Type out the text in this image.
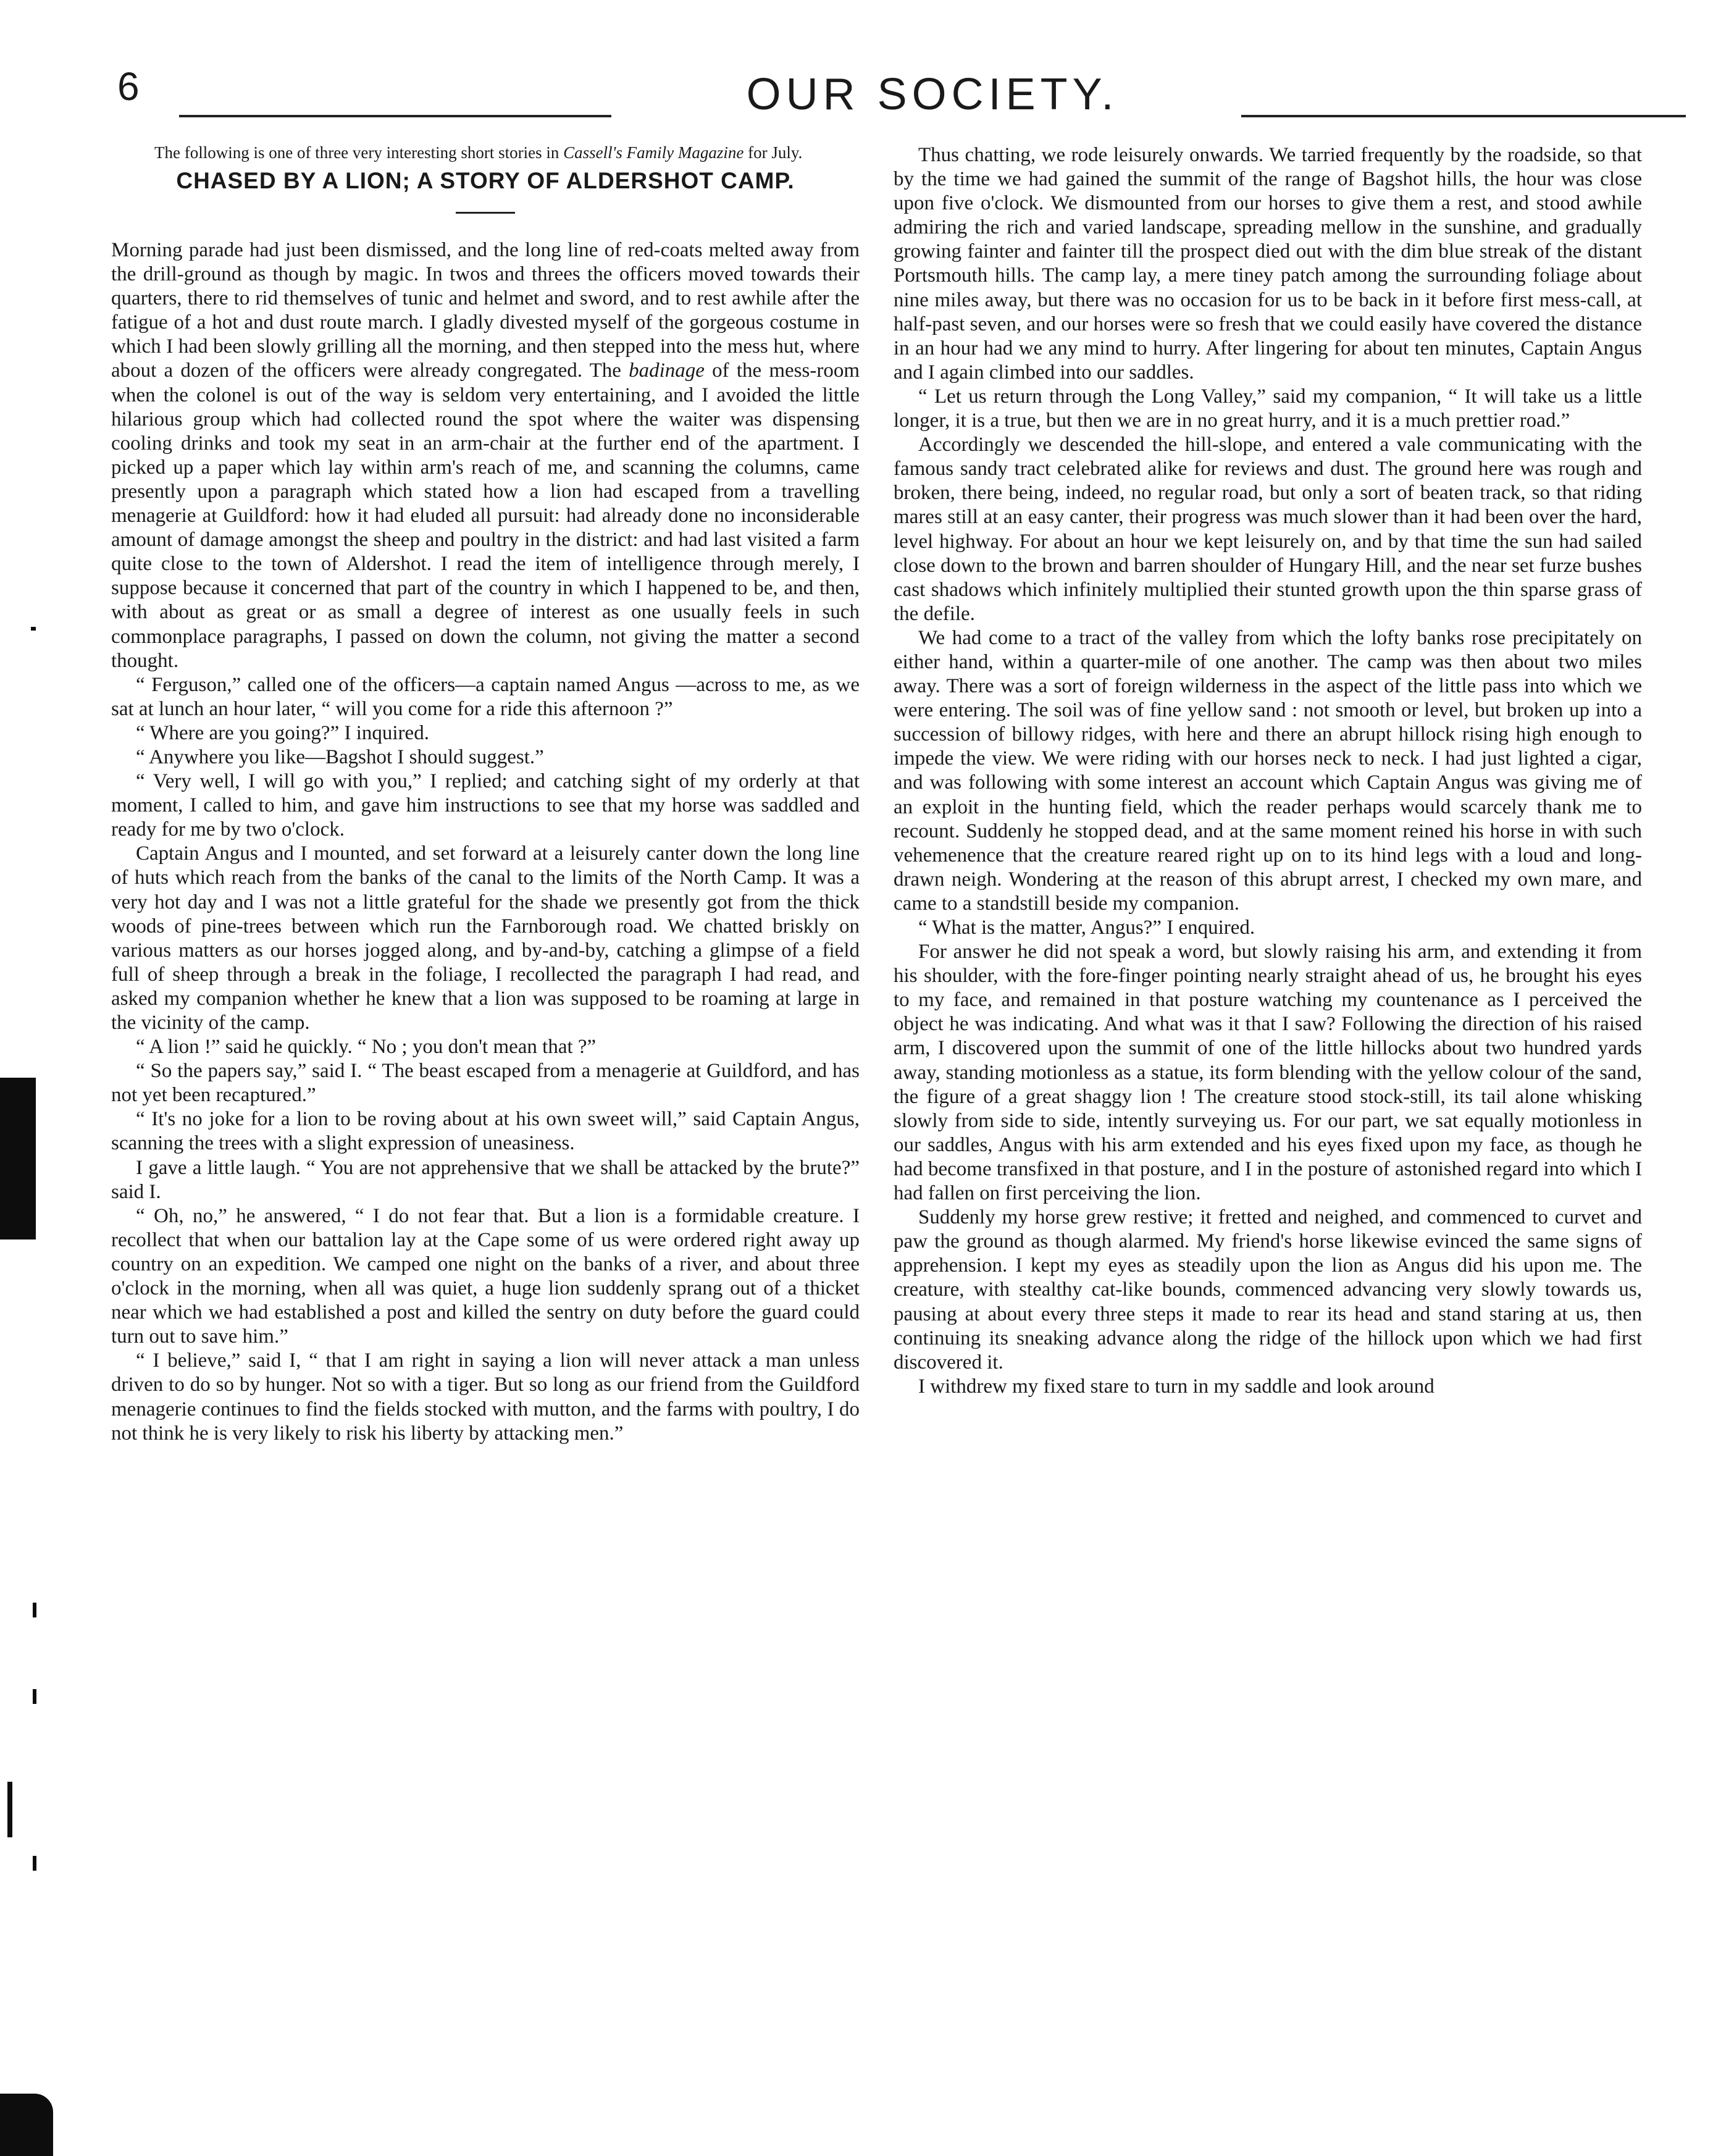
6	OUR SOCIETY.

The following is one of three very interesting short stories in Cassell's Family Magazine for July.

CHASED BY A LION; A STORY OF ALDERSHOT CAMP.

Morning parade had just been dismissed, and the long line of red-coats melted away from the drill-ground as though by magic. In twos and threes the officers moved towards their quarters, there to rid themselves of tunic and helmet and sword, and to rest awhile after the fatigue of a hot and dust route march. I gladly divested myself of the gorgeous costume in which I had been slowly grilling all the morning, and then stepped into the mess hut, where about a dozen of the officers were already congregated. The badinage of the mess-room when the colonel is out of the way is seldom very entertaining, and I avoided the little hilarious group which had collected round the spot where the waiter was dispensing cooling drinks and took my seat in an arm-chair at the further end of the apartment. I picked up a paper which lay within arm's reach of me, and scanning the columns, came presently upon a paragraph which stated how a lion had escaped from a travelling menagerie at Guildford: how it had eluded all pursuit: had already done no inconsiderable amount of damage amongst the sheep and poultry in the district: and had last visited a farm quite close to the town of Aldershot. I read the item of intelligence through merely, I suppose because it concerned that part of the country in which I happened to be, and then, with about as great or as small a degree of interest as one usually feels in such commonplace paragraphs, I passed on down the column, not giving the matter a second thought.

“ Ferguson,” called one of the officers—a captain named Angus —across to me, as we sat at lunch an hour later, “ will you come for a ride this afternoon ?”

“ Where are you going?” I inquired.

“ Anywhere you like—Bagshot I should suggest.”

“ Very well, I will go with you,” I replied; and catching sight of my orderly at that moment, I called to him, and gave him instructions to see that my horse was saddled and ready for me by two o'clock.

Captain Angus and I mounted, and set forward at a leisurely canter down the long line of huts which reach from the banks of the canal to the limits of the North Camp. It was a very hot day and I was not a little grateful for the shade we presently got from the thick woods of pine-trees between which run the Farnborough road. We chatted briskly on various matters as our horses jogged along, and by-and-by, catching a glimpse of a field full of sheep through a break in the foliage, I recollected the paragraph I had read, and asked my companion whether he knew that a lion was supposed to be roaming at large in the vicinity of the camp.

“ A lion !” said he quickly. “ No ; you don't mean that ?”

“ So the papers say,” said I. “ The beast escaped from a menagerie at Guildford, and has not yet been recaptured.”

“ It's no joke for a lion to be roving about at his own sweet will,” said Captain Angus, scanning the trees with a slight expression of uneasiness.

I gave a little laugh. “ You are not apprehensive that we shall be attacked by the brute?” said I.

“ Oh, no,” he answered, “ I do not fear that. But a lion is a formidable creature. I recollect that when our battalion lay at the Cape some of us were ordered right away up country on an expedition. We camped one night on the banks of a river, and about three o'clock in the morning, when all was quiet, a huge lion suddenly sprang out of a thicket near which we had established a post and killed the sentry on duty before the guard could turn out to save him.”

“ I believe,” said I, “ that I am right in saying a lion will never attack a man unless driven to do so by hunger. Not so with a tiger. But so long as our friend from the Guildford menagerie continues to find the fields stocked with mutton, and the farms with poultry, I do not think he is very likely to risk his liberty by attacking men.”

Thus chatting, we rode leisurely onwards. We tarried frequently by the roadside, so that by the time we had gained the summit of the range of Bagshot hills, the hour was close upon five o'clock. We dismounted from our horses to give them a rest, and stood awhile admiring the rich and varied landscape, spreading mellow in the sunshine, and gradually growing fainter and fainter till the prospect died out with the dim blue streak of the distant Portsmouth hills. The camp lay, a mere tiney patch among the surrounding foliage about nine miles away, but there was no occasion for us to be back in it before first mess-call, at half-past seven, and our horses were so fresh that we could easily have covered the distance in an hour had we any mind to hurry. After lingering for about ten minutes, Captain Angus and I again climbed into our saddles.

“ Let us return through the Long Valley,” said my companion, “ It will take us a little longer, it is a true, but then we are in no great hurry, and it is a much prettier road.”

Accordingly we descended the hill-slope, and entered a vale communicating with the famous sandy tract celebrated alike for reviews and dust. The ground here was rough and broken, there being, indeed, no regular road, but only a sort of beaten track, so that riding mares still at an easy canter, their progress was much slower than it had been over the hard, level highway. For about an hour we kept leisurely on, and by that time the sun had sailed close down to the brown and barren shoulder of Hungary Hill, and the near set furze bushes cast shadows which infinitely multiplied their stunted growth upon the thin sparse grass of the defile.

We had come to a tract of the valley from which the lofty banks rose precipitately on either hand, within a quarter-mile of one another. The camp was then about two miles away. There was a sort of foreign wilderness in the aspect of the little pass into which we were entering. The soil was of fine yellow sand : not smooth or level, but broken up into a succession of billowy ridges, with here and there an abrupt hillock rising high enough to impede the view. We were riding with our horses neck to neck. I had just lighted a cigar, and was following with some interest an account which Captain Angus was giving me of an exploit in the hunting field, which the reader perhaps would scarcely thank me to recount. Suddenly he stopped dead, and at the same moment reined his horse in with such vehemenence that the creature reared right up on to its hind legs with a loud and long-drawn neigh. Wondering at the reason of this abrupt arrest, I checked my own mare, and came to a standstill beside my companion.

“ What is the matter, Angus?” I enquired.

For answer he did not speak a word, but slowly raising his arm, and extending it from his shoulder, with the fore-finger pointing nearly straight ahead of us, he brought his eyes to my face, and remained in that posture watching my countenance as I perceived the object he was indicating. And what was it that I saw? Following the direction of his raised arm, I discovered upon the summit of one of the little hillocks about two hundred yards away, standing motionless as a statue, its form blending with the yellow colour of the sand, the figure of a great shaggy lion ! The creature stood stock-still, its tail alone whisking slowly from side to side, intently surveying us. For our part, we sat equally motionless in our saddles, Angus with his arm extended and his eyes fixed upon my face, as though he had become transfixed in that posture, and I in the posture of astonished regard into which I had fallen on first perceiving the lion.

Suddenly my horse grew restive; it fretted and neighed, and commenced to curvet and paw the ground as though alarmed. My friend's horse likewise evinced the same signs of apprehension. I kept my eyes as steadily upon the lion as Angus did his upon me. The creature, with stealthy cat-like bounds, commenced advancing very slowly towards us, pausing at about every three steps it made to rear its head and stand staring at us, then continuing its sneaking advance along the ridge of the hillock upon which we had first discovered it.

I withdrew my fixed stare to turn in my saddle and look around
